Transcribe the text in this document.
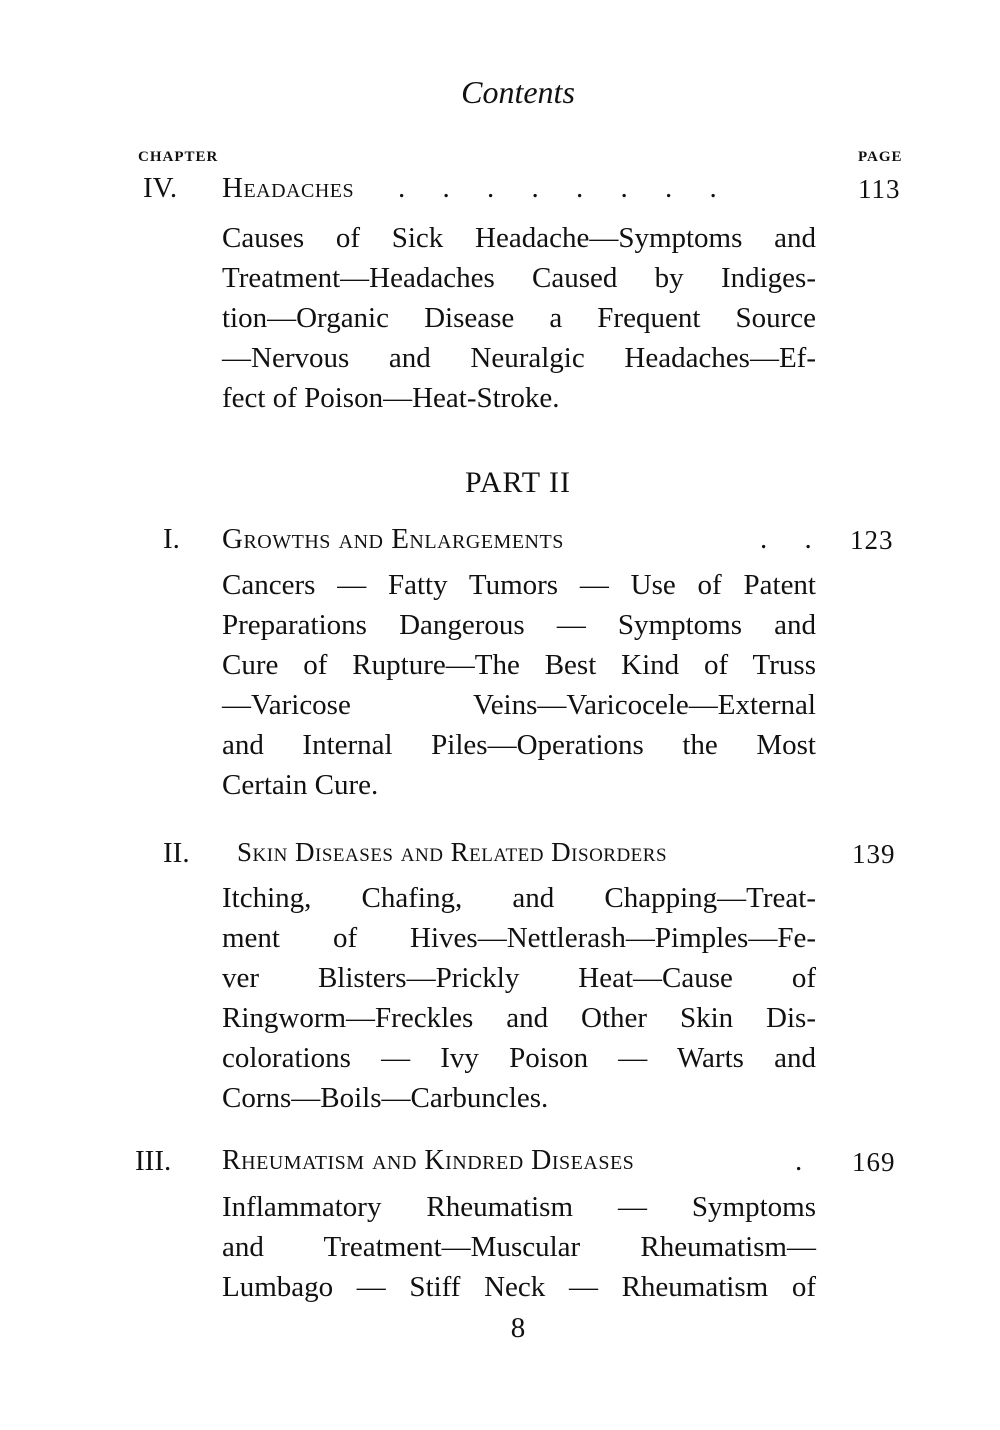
Contents
CHAPTER	PAGE
IV. Headaches . . . . . . . .	113
Causes of Sick Headache—Symptoms and
Treatment—Headaches Caused by Indiges-
tion—Organic Disease a Frequent Source
—Nervous and Neuralgic Headaches—Ef-
fect of Poison—Heat-Stroke.
PART II
I. Growths and Enlargements	. . 123
Cancers — Fatty Tumors — Use of Patent
Preparations Dangerous — Symptoms and
Cure of Rupture—The Best Kind of Truss
—Varicose Veins—Varicocele—External
and Internal Piles—Operations the Most
Certain Cure.
II. Skin Diseases and Related Disorders	139
Itching, Chafing, and Chapping—Treat-
ment of Hives—Nettlerash—Pimples—Fe-
ver Blisters—Prickly Heat—Cause of
Ringworm—Freckles and Other Skin Dis-
colorations — Ivy Poison — Warts and
Corns—Boils—Carbuncles.
III. Rheumatism and Kindred Diseases	. 169
Inflammatory Rheumatism — Symptoms
and Treatment—Muscular Rheumatism—
Lumbago — Stiff Neck — Rheumatism of
8
